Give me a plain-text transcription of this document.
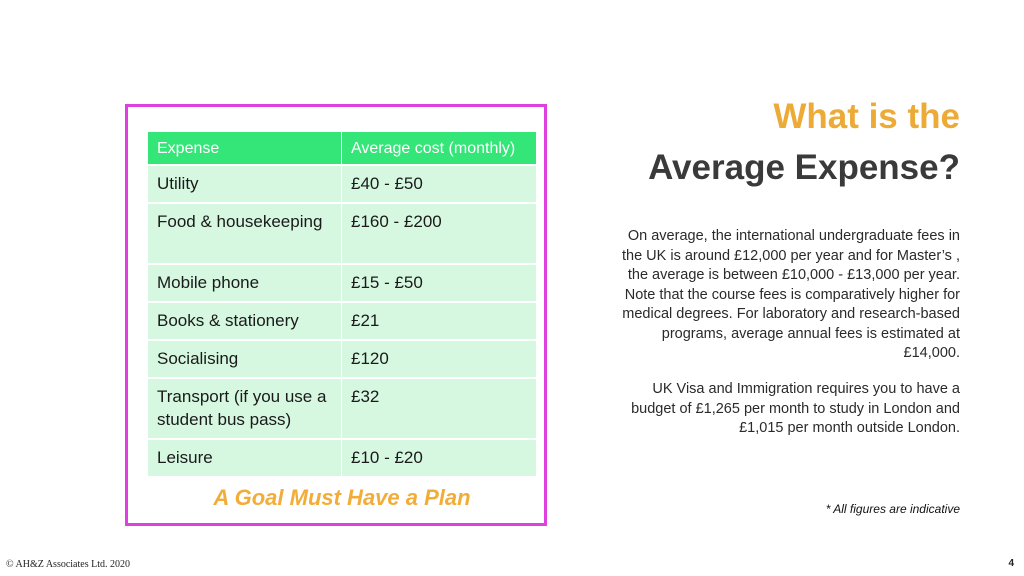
Expense	Average cost (monthly)
Utility	£40 - £50
Food & housekeeping	£160 - £200
Mobile phone	£15 - £50
Books & stationery	£21
Socialising	£120
Transport (if you use a student bus pass)	£32
Leisure	£10 - £20
A Goal Must Have a Plan
What is the
Average Expense?
On average, the international undergraduate fees in the UK is around £12,000 per year and for Master’s , the average is between £10,000 - £13,000 per year. Note that the course fees is comparatively higher for medical degrees. For laboratory and research-based programs, average annual fees is estimated at £14,000.
UK Visa and Immigration requires you to have a budget of £1,265 per month to study in London and £1,015 per month outside London.
* All figures are indicative
© AH&Z Associates Ltd. 2020	4
